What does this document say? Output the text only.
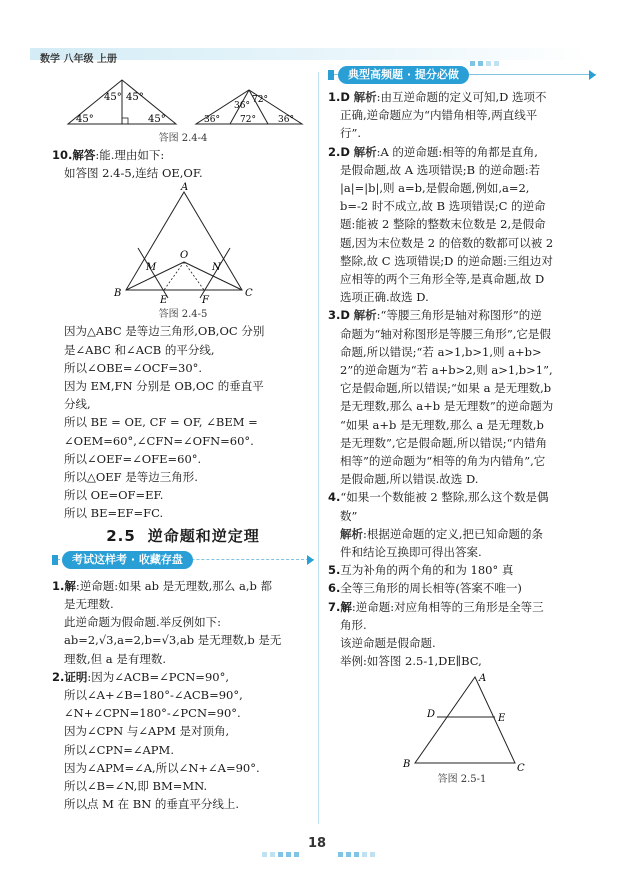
数学 八年级 上册
45° 45°
45°	45°
36°
72°
36° 72° 36°
答图 2.4-4

10.解答:能.理由如下:

如答图 2.4-5,连结 OE,OF.

A
B	C
O
M	N
E	F
答图 2.4-5

因为△ABC 是等边三角形,OB,OC 分别

是∠ABC 和∠ACB 的平分线,

所以∠OBE=∠OCF=30°.

因为 EM,FN 分别是 OB,OC 的垂直平

分线,

所以 BE = OE, CF = OF, ∠BEM =

∠OEM=60°,∠CFN=∠OFN=60°.

所以∠OEF=∠OFE=60°.

所以△OEF 是等边三角形.

所以 OE=OF=EF.

所以 BE=EF=FC.

2.5 逆命题和逆定理
考试这样考 · 收藏存盘

1.解:逆命题:如果 ab 是无理数,那么 a,b 都

是无理数.

此逆命题为假命题.举反例如下:

ab=2,√3,a=2,b=√3,ab 是无理数,b 是无

理数,但 a 是有理数.

2.证明:因为∠ACB=∠PCN=90°,

所以∠A+∠B=180°-∠ACB=90°,

∠N+∠CPN=180°-∠PCN=90°.

因为∠CPN 与∠APM 是对顶角,

所以∠CPN=∠APM.

因为∠APM=∠A,所以∠N+∠A=90°.

所以∠B=∠N,即 BM=MN.

所以点 M 在 BN 的垂直平分线上.

典型高频题 · 提分必做

1.D 解析:由互逆命题的定义可知,D 选项不

正确,逆命题应为“内错角相等,两直线平

行”.

2.D 解析:A 的逆命题:相等的角都是直角,

是假命题,故 A 选项错误;B 的逆命题:若

|a|=|b|,则 a=b,是假命题,例如,a=2,

b=-2 时不成立,故 B 选项错误;C 的逆命

题:能被 2 整除的整数末位数是 2,是假命

题,因为末位数是 2 的倍数的数都可以被 2

整除,故 C 选项错误;D 的逆命题:三组边对

应相等的两个三角形全等,是真命题,故 D

选项正确.故选 D.

3.D 解析:“等腰三角形是轴对称图形”的逆

命题为“轴对称图形是等腰三角形”,它是假

命题,所以错误;“若 a>1,b>1,则 a+b>

2”的逆命题为“若 a+b>2,则 a>1,b>1”,

它是假命题,所以错误;“如果 a 是无理数,b

是无理数,那么 a+b 是无理数”的逆命题为

“如果 a+b 是无理数,那么 a 是无理数,b

是无理数”,它是假命题,所以错误;“内错角

相等”的逆命题为“相等的角为内错角”,它

是假命题,所以错误.故选 D.

4.“如果一个数能被 2 整除,那么这个数是偶

数”

解析:根据逆命题的定义,把已知命题的条

件和结论互换即可得出答案.

5.互为补角的两个角的和为 180° 真

6.全等三角形的周长相等(答案不唯一)

7.解:逆命题:对应角相等的三角形是全等三

角形.

该逆命题是假命题.

举例:如答图 2.5-1,DE∥BC,

A
B	C
D	E
答图 2.5-1
18
